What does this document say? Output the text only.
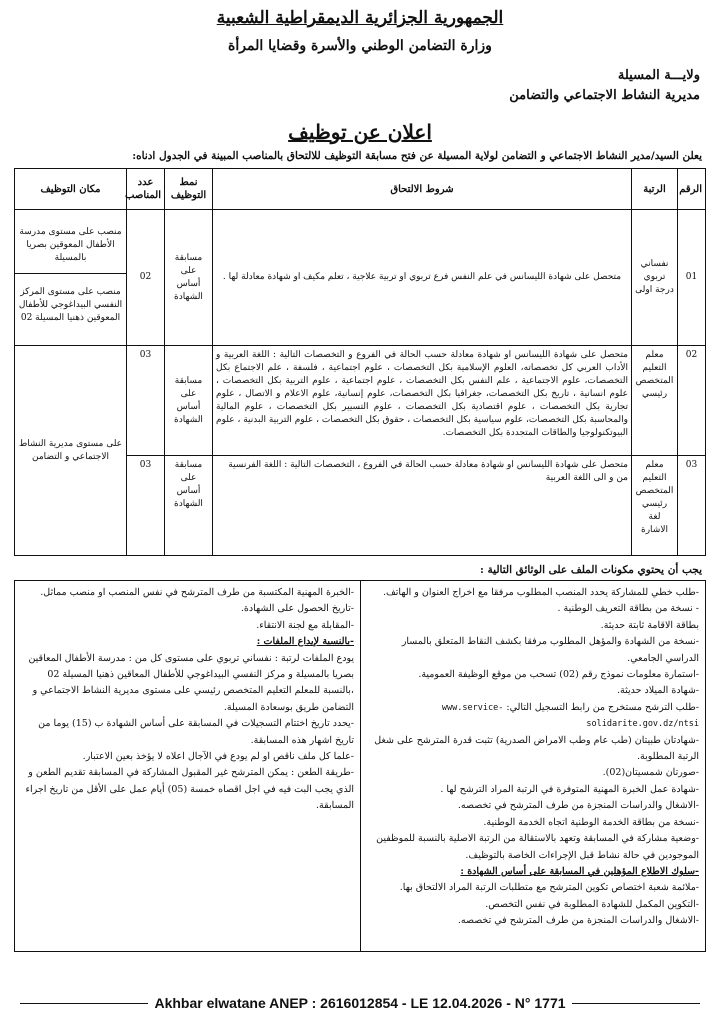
الجمهورية الجزائرية الديمقراطية الشعبية
وزارة التضامن الوطني والأسرة وقضايا المرأة
ولايـــة المسيلة
مديرية النشاط الاجتماعي والتضامن
اعلان عن توظيف
يعلن السيد/مدير النشاط الاجتماعي و التضامن لولاية المسيلة عن فتح مسابقة التوظيف للالتحاق بالمناصب المبينة في الجدول ادناه:
الرقم	الرتبة	شروط الالتحاق	نمط التوظيف	عدد المناصب	مكان التوظيف
01	نفساني تربوي درجة اولى	متحصل على شهادة الليسانس في علم النفس فرع تربوي او تربية علاجية ، تعلم مكيف او شهادة معادلة لها .	مسابقة على أساس الشهادة	02	منصب على مستوى مدرسة الأطفال المعوقين بصريا بالمسيلة
منصب على مستوى المركز النفسي البيداغوجي للأطفال المعوقين ذهنيا المسيلة 02

02	معلم التعليم المتخصص رئيسي	متحصل على شهادة الليسانس او شهادة معادلة حسب الحالة في الفروع و التخصصات التالية : اللغة العربية و الأداب العربي كل تخصصاته، العلوم الإسلامية بكل التخصصات ، علوم اجتماعية ، فلسفة ، علم الاجتماع بكل التخصصات، علوم الاجتماعية ، علم النفس بكل التخصصات ، علوم اجتماعية ، علوم التربية بكل التخصصات ، علوم انسانية ، تاريخ بكل التخصصات، جغرافيا بكل التخصصات، علوم إنسانية، علوم الاعلام و الاتصال ، علوم تجارية بكل التخصصات ، علوم اقتصادية بكل التخصصات ، علوم التسيير بكل التخصصات ، علوم المالية والمحاسبة بكل التخصصات، علوم سياسية بكل التخصصات ، حقوق بكل التخصصات ، علوم التربية البدنية ، علوم البيوتكنولوجيا والطاقات المتجددة بكل التخصصات.	مسابقة على أساس الشهادة	03	على مستوى مديرية النشاط الاجتماعي و التضامن

03	معلم التعليم المتخصص رئيسي لغة الاشارة	متحصل على شهادة الليسانس او شهادة معادلة حسب الحالة في الفروع ، التخصصات التالية : اللغة الفرنسية من و الى اللغة العربية	مسابقة على أساس الشهادة	03	
يجب أن يحتوي مكونات الملف على الوثائق التالية :
-طلب خطي للمشاركة يحدد المنصب المطلوب مرفقا مع اخراج العنوان و الهاتف.
- نسخة من بطاقة التعريف الوطنية .
بطاقة الاقامة ثابتة حديثة.
-نسخة من الشهادة والمؤهل المطلوب مرفقا بكشف النقاط المتعلق بالمسار الدراسي الجامعي.
-استمارة معلومات نموذج رقم (02) تسحب من موقع الوظيفة العمومية.
-شهادة الميلاد حديثة.
-طلب الترشح مستخرج من رابط التسجيل التالي: www.service-solidarite.gov.dz/ntsi
-شهادتان طبيتان (طب عام وطب الامراض الصدرية) تثبت قدرة المترشح على شغل الرتبة المطلوبة.
-صورتان شمسيتان(02).
-شهادة عمل الخبرة المهنية المتوفرة في الرتبة المراد الترشح لها .
-الاشغال والدراسات المنجزة من طرف المترشح في تخصصه.
-نسخة من بطاقة الخدمة الوطنية اتجاه الخدمة الوطنية.
-وضعية مشاركة في المسابقة وتعهد بالاستقالة من الرتبة الاصلية بالنسبة للموظفين الموجودين في حالة نشاط قبل الإجراءات الخاصة بالتوظيف.
-سلوك الاطلاع المؤهلين في المسابقة على أساس الشهادة :
-ملائمة شعبة اختصاص تكوين المترشح مع متطلبات الرتبة المراد الالتحاق بها.
-التكوين المكمل للشهادة المطلوبة في نفس التخصص.
-الاشغال والدراسات المنجزة من طرف المترشح في تخصصه.
-الخبرة المهنية المكتسبة من طرف المترشح في نفس المنصب او منصب مماثل.
-تاريخ الحصول على الشهادة.
-المقابلة مع لجنة الانتقاء.
-بالنسبة لإيداع الملفات :
يودع الملفات لرتبة : نفساني تربوي على مستوى كل من : مدرسة الأطفال المعاقين بصريا بالمسيلة و مركز النفسي البيداغوجي للأطفال المعاقين ذهنيا المسيلة 02 ،بالنسبة للمعلم التعليم المتخصص رئيسي على مستوى مديرية النشاط الاجتماعي و التضامن طريق بوسعادة المسيلة.
-يحدد تاريخ اختتام التسجيلات في المسابقة على أساس الشهادة ب (15) يوما من تاريخ اشهار هذه المسابقة.
-علما كل ملف ناقص او لم يودع في الآجال اعلاه لا يؤخذ بعين الاعتبار.
-طريقة الطعن : يمكن المترشح غير المقبول المشاركة في المسابقة تقديم الطعن و الذي يجب البت فيه في اجل اقصاه خمسة (05) أيام عمل على الأقل من تاريخ اجراء المسابقة.
Akhbar elwatane ANEP : 2616012854 - LE 12.04.2026 - N° 1771
